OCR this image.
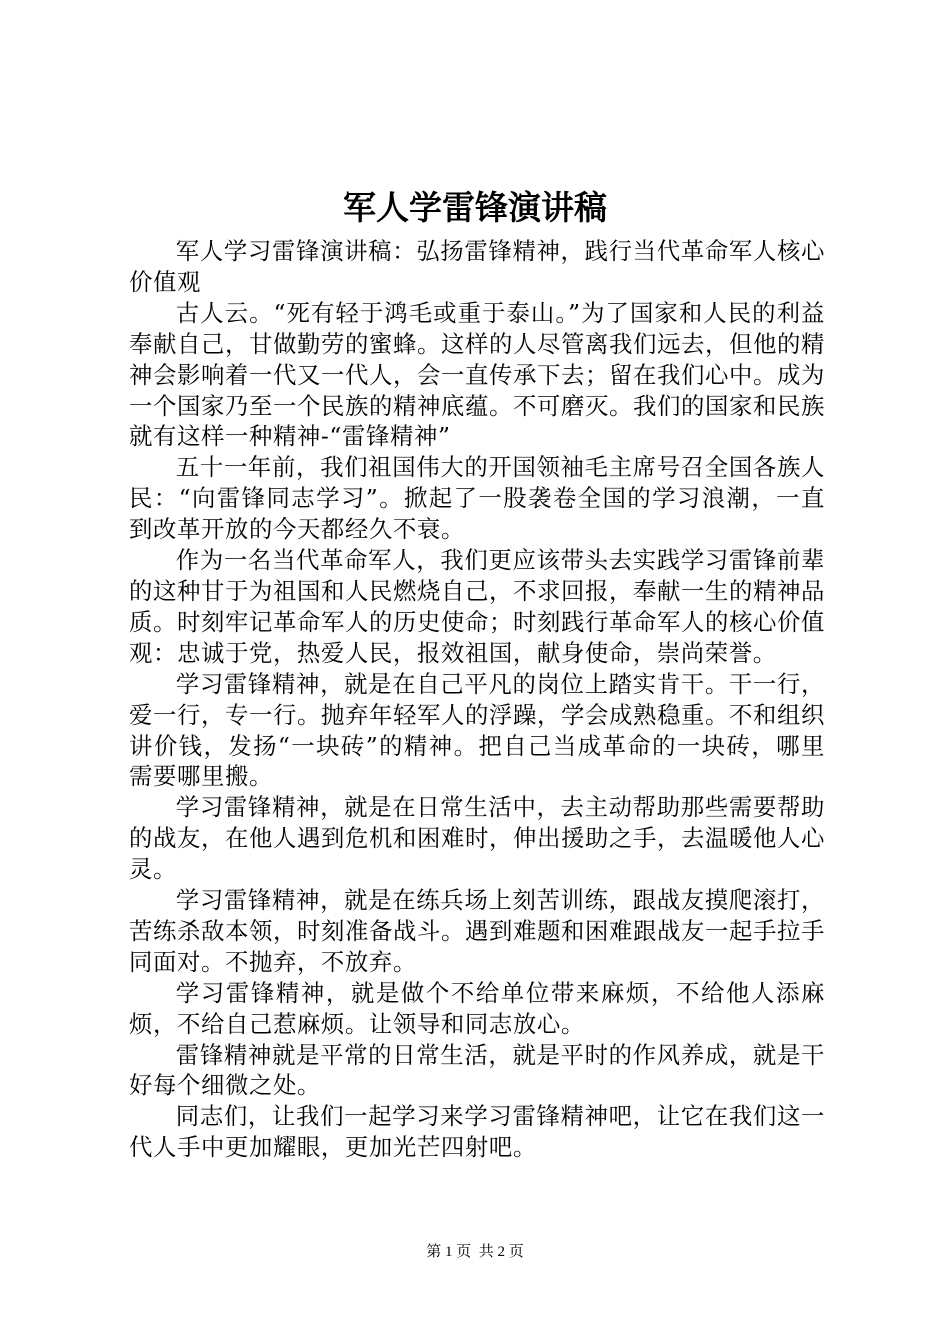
军人学雷锋演讲稿

军人学习雷锋演讲稿：弘扬雷锋精神，践行当代革命军人核心价值观

古人云。“死有轻于鸿毛或重于泰山。”为了国家和人民的利益奉献自己，甘做勤劳的蜜蜂。这样的人尽管离我们远去，但他的精神会影响着一代又一代人，会一直传承下去；留在我们心中。成为一个国家乃至一个民族的精神底蕴。不可磨灭。我们的国家和民族就有这样一种精神-“雷锋精神”

五十一年前，我们祖国伟大的开国领袖毛主席号召全国各族人民：“向雷锋同志学习”。掀起了一股袭卷全国的学习浪潮，一直到改革开放的今天都经久不衰。

作为一名当代革命军人，我们更应该带头去实践学习雷锋前辈的这种甘于为祖国和人民燃烧自己，不求回报，奉献一生的精神品质。时刻牢记革命军人的历史使命；时刻践行革命军人的核心价值观：忠诚于党，热爱人民，报效祖国，献身使命，崇尚荣誉。

学习雷锋精神，就是在自己平凡的岗位上踏实肯干。干一行，爱一行，专一行。抛弃年轻军人的浮躁，学会成熟稳重。不和组织讲价钱，发扬“一块砖”的精神。把自己当成革命的一块砖，哪里需要哪里搬。

学习雷锋精神，就是在日常生活中，去主动帮助那些需要帮助的战友，在他人遇到危机和困难时，伸出援助之手，去温暖他人心灵。

学习雷锋精神，就是在练兵场上刻苦训练，跟战友摸爬滚打，苦练杀敌本领，时刻准备战斗。遇到难题和困难跟战友一起手拉手同面对。不抛弃，不放弃。

学习雷锋精神，就是做个不给单位带来麻烦，不给他人添麻烦，不给自己惹麻烦。让领导和同志放心。

雷锋精神就是平常的日常生活，就是平时的作风养成，就是干好每个细微之处。

同志们，让我们一起学习来学习雷锋精神吧，让它在我们这一代人手中更加耀眼，更加光芒四射吧。

第 1 页 共 2 页
